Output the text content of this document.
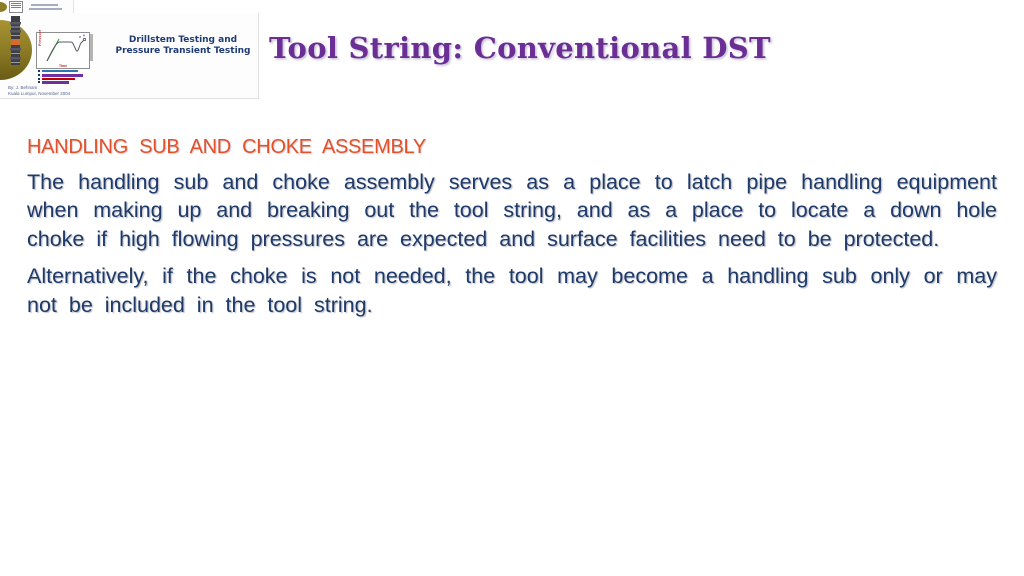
Pressure
Time
Drillstem Testing and
Pressure Transient Testing
By: J. Behnam
Kuala Lumpur, November 2004
Tool String: Conventional DST
HANDLING SUB AND CHOKE ASSEMBLY
The handling sub and choke assembly serves as a place to latch pipe handling equipment
when making up and breaking out the tool string, and as a place to locate a down hole
choke if high flowing pressures are expected and surface facilities need to be protected.
Alternatively, if the choke is not needed, the tool may become a handling sub only or may
not be included in the tool string.
